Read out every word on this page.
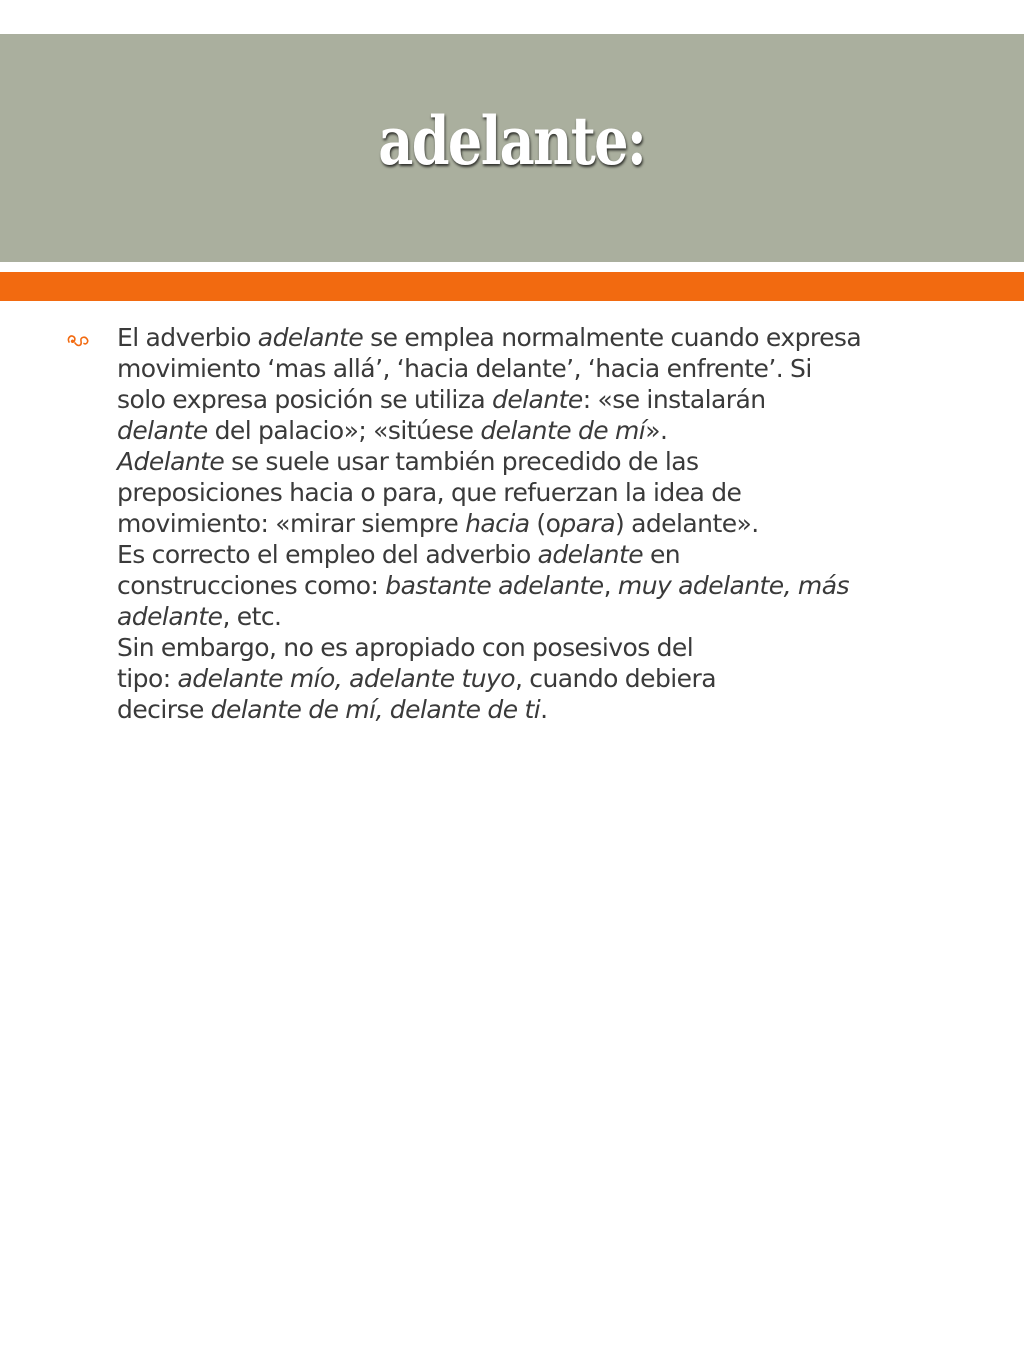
adelante:

El adverbio adelante se emplea normalmente cuando expresa
movimiento ‘mas allá’, ‘hacia delante’, ‘hacia enfrente’. Si
solo expresa posición se utiliza delante: «se instalarán
delante del palacio»; «sitúese delante de mí».
Adelante se suele usar también precedido de las
preposiciones hacia o para, que refuerzan la idea de
movimiento: «mirar siempre hacia (opara) adelante».
Es correcto el empleo del adverbio adelante en
construcciones como: bastante adelante, muy adelante, más
adelante, etc.
Sin embargo, no es apropiado con posesivos del
tipo: adelante mío, adelante tuyo, cuando debiera
decirse delante de mí, delante de ti.
